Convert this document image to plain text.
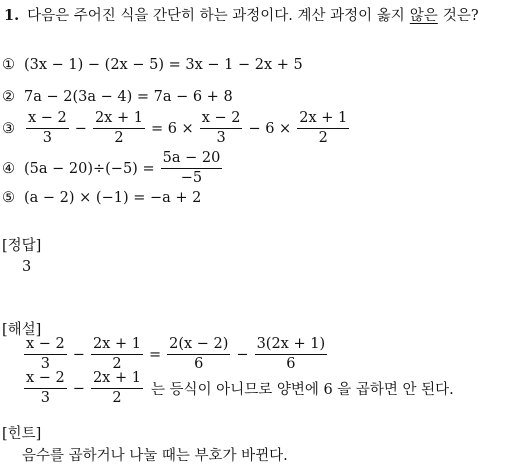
1. 다음은 주어진 식을 간단히 하는 과정이다. 계산 과정이 옳지 않은 것은?
① (3x − 1) − (2x − 5) = 3x − 1 − 2x + 5
② 7a − 2(3a − 4) = 7a − 6 + 8
③ $\frac{x - 2}{3} - \frac{2x + 1}{2} = 6 \times \frac{x - 2}{3} - 6 \times \frac{2x + 1}{2}$
④ $(5a - 20)\div(-5) = \frac{5a - 20}{-5}$
⑤ (a − 2) × (−1) = −a + 2
[정답]
3
[해설]
$\frac{x - 2}{3} - \frac{2x + 1}{2} = \frac{2(x - 2)}{6} - \frac{3(2x + 1)}{6}$
$\frac{x - 2}{3} - \frac{2x + 1}{2}$ 는 등식이 아니므로 양변에 6 을 곱하면 안 된다.
[힌트]
음수를 곱하거나 나눌 때는 부호가 바뀐다.
